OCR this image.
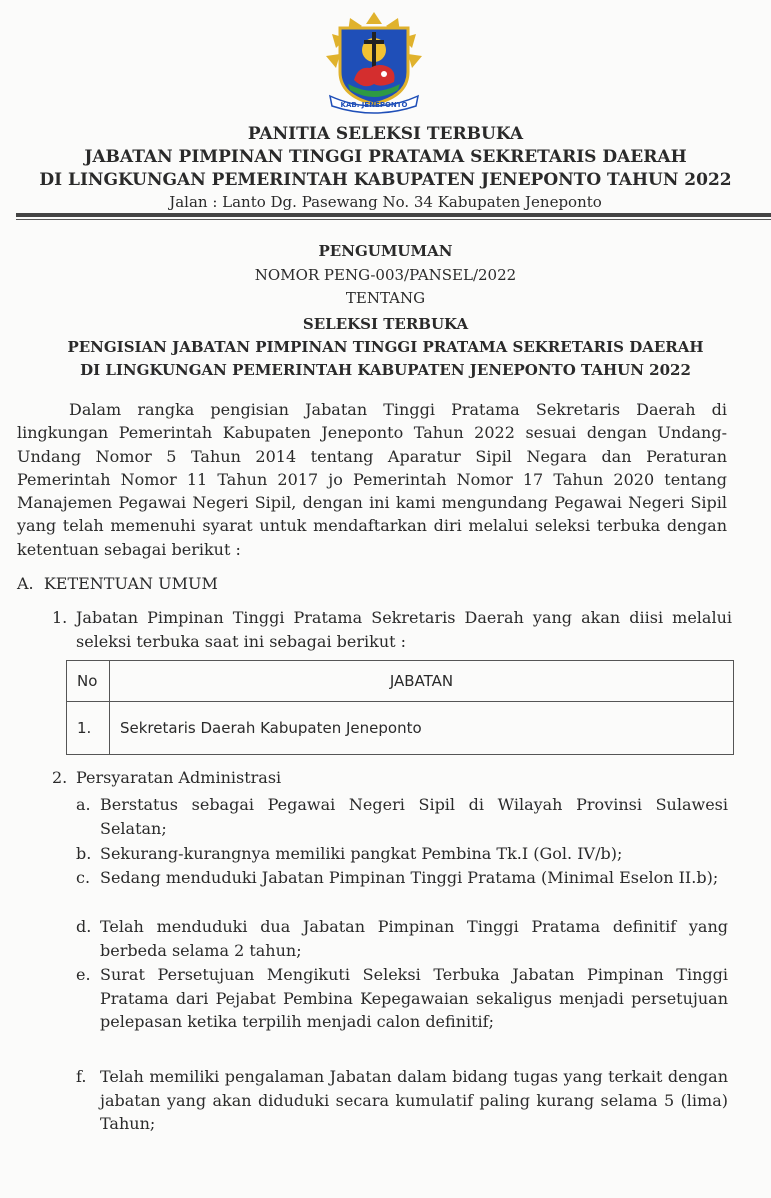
KAB. JENEPONTO
PANITIA SELEKSI TERBUKA
JABATAN PIMPINAN TINGGI PRATAMA SEKRETARIS DAERAH
DI LINGKUNGAN PEMERINTAH KABUPATEN JENEPONTO TAHUN 2022
Jalan : Lanto Dg. Pasewang No. 34 Kabupaten Jeneponto
PENGUMUMAN
NOMOR PENG-003/PANSEL/2022
TENTANG
SELEKSI TERBUKA
PENGISIAN JABATAN PIMPINAN TINGGI PRATAMA SEKRETARIS DAERAH
DI LINGKUNGAN PEMERINTAH KABUPATEN JENEPONTO TAHUN 2022
Dalam rangka pengisian Jabatan Tinggi Pratama Sekretaris Daerah di lingkungan Pemerintah Kabupaten Jeneponto Tahun 2022 sesuai dengan Undang-Undang Nomor 5 Tahun 2014 tentang Aparatur Sipil Negara dan Peraturan Pemerintah Nomor 11 Tahun 2017 jo Pemerintah Nomor 17 Tahun 2020 tentang Manajemen Pegawai Negeri Sipil, dengan ini kami mengundang Pegawai Negeri Sipil yang telah memenuhi syarat untuk mendaftarkan diri melalui seleksi terbuka dengan ketentuan sebagai berikut :
A. KETENTUAN UMUM
1. Jabatan Pimpinan Tinggi Pratama Sekretaris Daerah yang akan diisi melalui seleksi terbuka saat ini sebagai berikut :
No	JABATAN
1.	Sekretaris Daerah Kabupaten Jeneponto
2. Persyaratan Administrasi
a. Berstatus sebagai Pegawai Negeri Sipil di Wilayah Provinsi Sulawesi Selatan;
b. Sekurang-kurangnya memiliki pangkat Pembina Tk.I (Gol. IV/b);
c. Sedang menduduki Jabatan Pimpinan Tinggi Pratama (Minimal Eselon II.b);
d. Telah menduduki dua Jabatan Pimpinan Tinggi Pratama definitif yang berbeda selama 2 tahun;
e. Surat Persetujuan Mengikuti Seleksi Terbuka Jabatan Pimpinan Tinggi Pratama dari Pejabat Pembina Kepegawaian sekaligus menjadi persetujuan pelepasan ketika terpilih menjadi calon definitif;
f. Telah memiliki pengalaman Jabatan dalam bidang tugas yang terkait dengan jabatan yang akan diduduki secara kumulatif paling kurang selama 5 (lima) Tahun;
